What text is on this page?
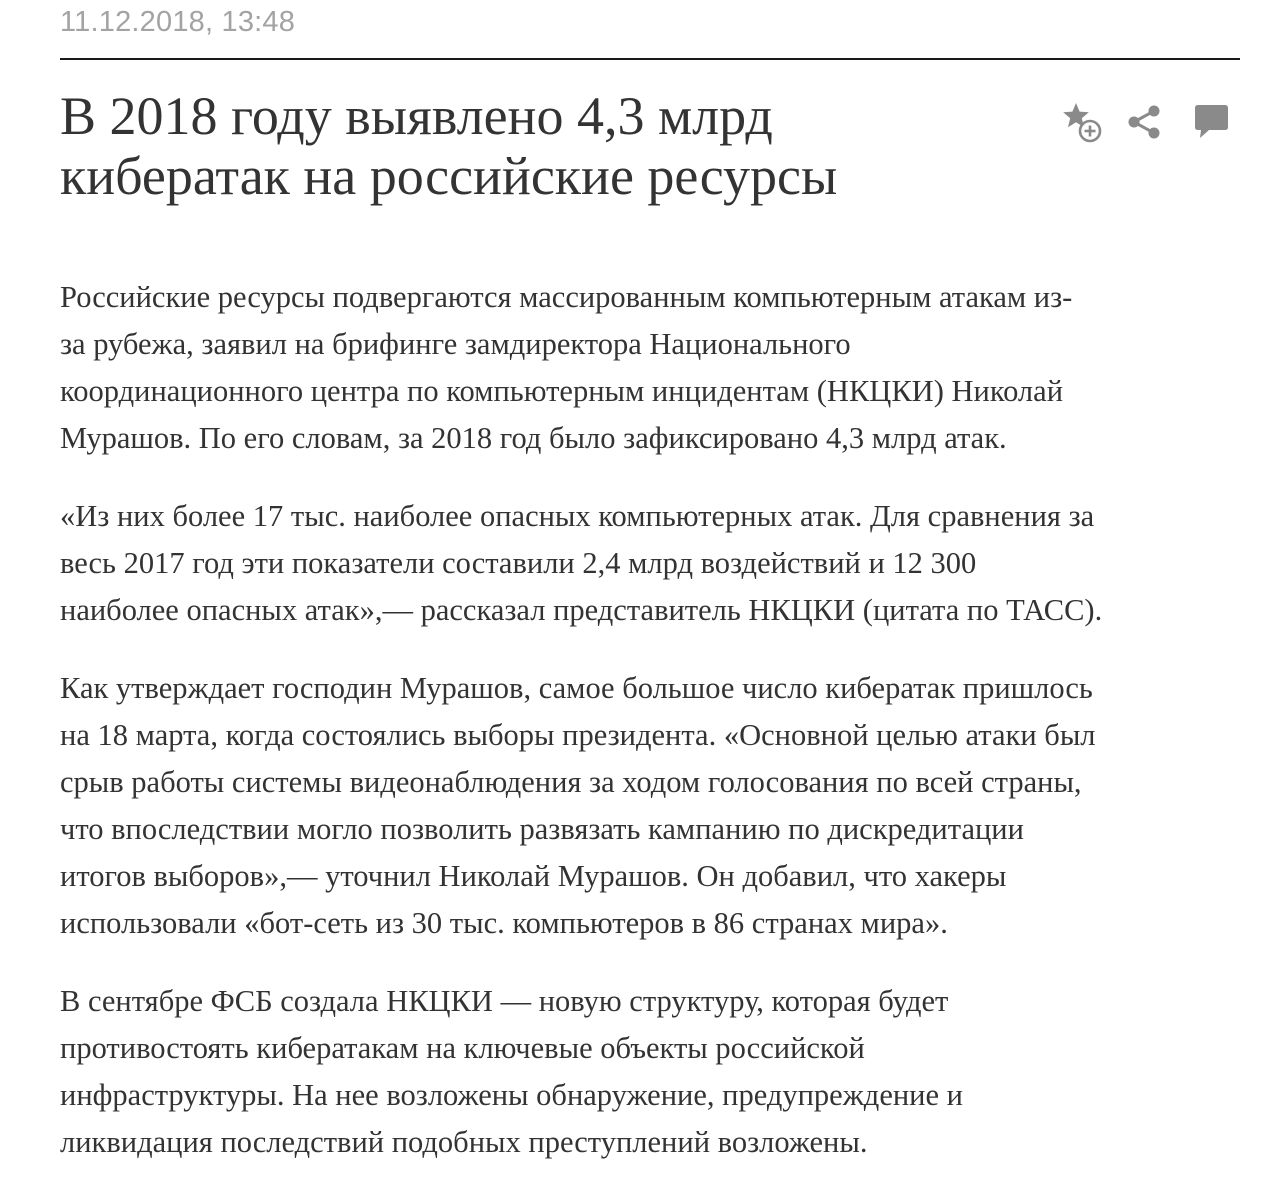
11.12.2018, 13:48
В 2018 году выявлено 4,3 млрд
кибератак на российские ресурсы

Российские ресурсы подвергаются массированным компьютерным атакам из-
за рубежа, заявил на брифинге замдиректора Национального
координационного центра по компьютерным инцидентам (НКЦКИ) Николай
Мурашов. По его словам, за 2018 год было зафиксировано 4,3 млрд атак.

«Из них более 17 тыс. наиболее опасных компьютерных атак. Для сравнения за
весь 2017 год эти показатели составили 2,4 млрд воздействий и 12 300
наиболее опасных атак»,— рассказал представитель НКЦКИ (цитата по ТАСС).

Как утверждает господин Мурашов, самое большое число кибератак пришлось
на 18 марта, когда состоялись выборы президента. «Основной целью атаки был
срыв работы системы видеонаблюдения за ходом голосования по всей страны,
что впоследствии могло позволить развязать кампанию по дискредитации
итогов выборов»,— уточнил Николай Мурашов. Он добавил, что хакеры
использовали «бот-сеть из 30 тыс. компьютеров в 86 странах мира».

В сентябре ФСБ создала НКЦКИ — новую структуру, которая будет
противостоять кибератакам на ключевые объекты российской
инфраструктуры. На нее возложены обнаружение, предупреждение и
ликвидация последствий подобных преступлений возложены.
